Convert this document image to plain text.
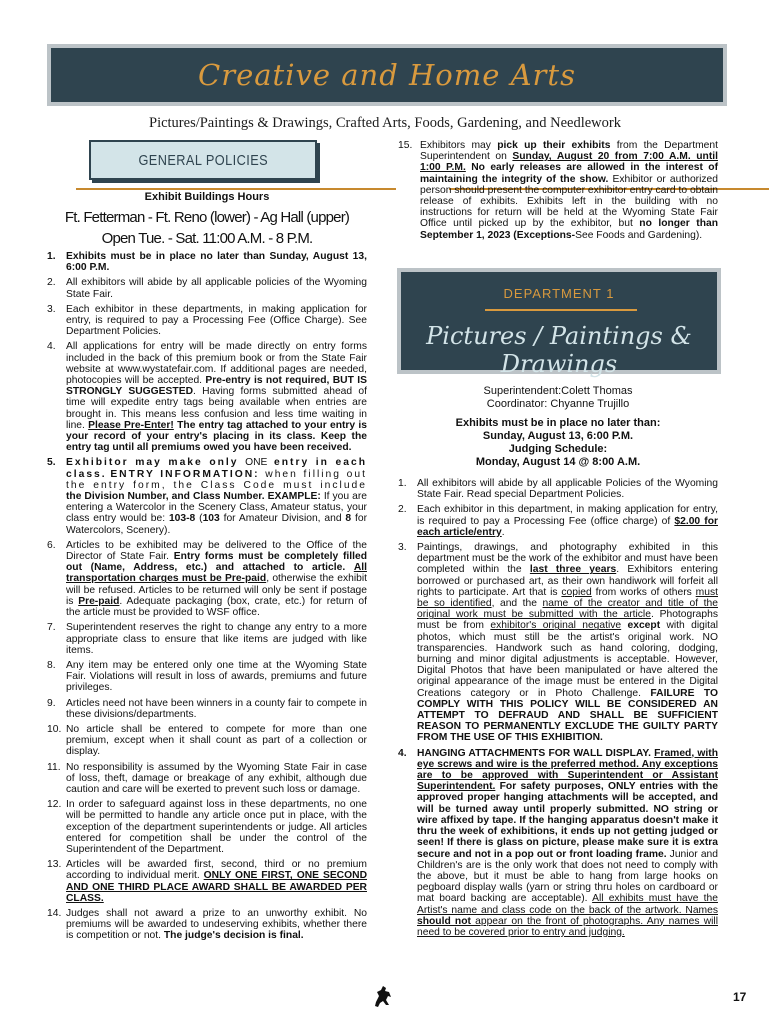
Creative and Home Arts
Pictures/Paintings & Drawings, Crafted Arts, Foods, Gardening, and Needlework
GENERAL POLICIES
Exhibit Buildings Hours
Ft. Fetterman - Ft. Reno (lower) - Ag Hall (upper)
Open Tue. - Sat. 11:00 A.M. - 8 P.M.
1. Exhibits must be in place no later than Sunday, August 13, 6:00 P.M.
2. All exhibitors will abide by all applicable policies of the Wyoming State Fair.
3. Each exhibitor in these departments, in making application for entry, is required to pay a Processing Fee (Office Charge). See Department Policies.
4. All applications for entry will be made directly on entry forms included in the back of this premium book or from the State Fair website at www.wystatefair.com. If additional pages are needed, photocopies will be accepted. Pre-entry is not required, BUT IS STRONGLY SUGGESTED. Having forms submitted ahead of time will expedite entry tags being available when entries are brought in. This means less confusion and less time waiting in line. Please Pre-Enter! The entry tag attached to your entry is your record of your entry's placing in its class. Keep the entry tag until all premiums owed you have been received.
5. Exhibitor may make only ONE entry in each class. ENTRY INFORMATION: when filling out the entry form, the Class Code must include the Division Number, and Class Number. EXAMPLE: If you are entering a Watercolor in the Scenery Class, Amateur status, your class entry would be: 103-8 (103 for Amateur Division, and 8 for Watercolors, Scenery).
6. Articles to be exhibited may be delivered to the Office of the Director of State Fair. Entry forms must be completely filled out (Name, Address, etc.) and attached to article. All transportation charges must be Pre-paid, otherwise the exhibit will be refused. Articles to be returned will only be sent if postage is Pre-paid. Adequate packaging (box, crate, etc.) for return of the article must be provided to WSF office.
7. Superintendent reserves the right to change any entry to a more appropriate class to ensure that like items are judged with like items.
8. Any item may be entered only one time at the Wyoming State Fair. Violations will result in loss of awards, premiums and future privileges.
9. Articles need not have been winners in a county fair to compete in these divisions/departments.
10. No article shall be entered to compete for more than one premium, except when it shall count as part of a collection or display.
11. No responsibility is assumed by the Wyoming State Fair in case of loss, theft, damage or breakage of any exhibit, although due caution and care will be exerted to prevent such loss or damage.
12. In order to safeguard against loss in these departments, no one will be permitted to handle any article once put in place, with the exception of the department superintendents or judge. All articles entered for competition shall be under the control of the Superintendent of the Department.
13. Articles will be awarded first, second, third or no premium according to individual merit. ONLY ONE FIRST, ONE SECOND AND ONE THIRD PLACE AWARD SHALL BE AWARDED PER CLASS.
14. Judges shall not award a prize to an unworthy exhibit. No premiums will be awarded to undeserving exhibits, whether there is competition or not. The judge's decision is final.
15. Exhibitors may pick up their exhibits from the Department Superintendent on Sunday, August 20 from 7:00 A.M. until 1:00 P.M. No early releases are allowed in the interest of maintaining the integrity of the show. Exhibitor or authorized person should present the computer exhibitor entry card to obtain release of exhibits. Exhibits left in the building with no instructions for return will be held at the Wyoming State Fair Office until picked up by the exhibitor, but no longer than September 1, 2023 (Exceptions-See Foods and Gardening).
DEPARTMENT 1
Pictures / Paintings & Drawings
Superintendent:Colett Thomas
Coordinator: Chyanne Trujillo
Exhibits must be in place no later than:
Sunday, August 13, 6:00 P.M.
Judging Schedule:
Monday, August 14 @ 8:00 A.M.
1. All exhibitors will abide by all applicable Policies of the Wyoming State Fair. Read special Department Policies.
2. Each exhibitor in this department, in making application for entry, is required to pay a Processing Fee (office charge) of $2.00 for each article/entry.
3. Paintings, drawings, and photography exhibited in this department must be the work of the exhibitor and must have been completed within the last three years. Exhibitors entering borrowed or purchased art, as their own handiwork will forfeit all rights to participate. Art that is copied from works of others must be so identified, and the name of the creator and title of the original work must be submitted with the article. Photographs must be from exhibitor's original negative except with digital photos, which must still be the artist's original work. NO transparencies. Handwork such as hand coloring, dodging, burning and minor digital adjustments is acceptable. However, Digital Photos that have been manipulated or have altered the original appearance of the image must be entered in the Digital Creations category or in Photo Challenge. FAILURE TO COMPLY WITH THIS POLICY WILL BE CONSIDERED AN ATTEMPT TO DEFRAUD AND SHALL BE SUFFICIENT REASON TO PERMANENTLY EXCLUDE THE GUILTY PARTY FROM THE USE OF THIS EXHIBITION.
4. HANGING ATTACHMENTS FOR WALL DISPLAY. Framed, with eye screws and wire is the preferred method. Any exceptions are to be approved with Superintendent or Assistant Superintendent. For safety purposes, ONLY entries with the approved proper hanging attachments will be accepted, and will be turned away until properly submitted. NO string or wire affixed by tape. If the hanging apparatus doesn't make it thru the week of exhibitions, it ends up not getting judged or seen! If there is glass on picture, please make sure it is extra secure and not in a pop out or front loading frame. Junior and Children's are is the only work that does not need to comply with the above, but it must be able to hang from large hooks on pegboard display walls (yarn or string thru holes on cardboard or mat board backing are acceptable). All exhibits must have the Artist's name and class code on the back of the artwork. Names should not appear on the front of photographs. Any names will need to be covered prior to entry and judging.
17
